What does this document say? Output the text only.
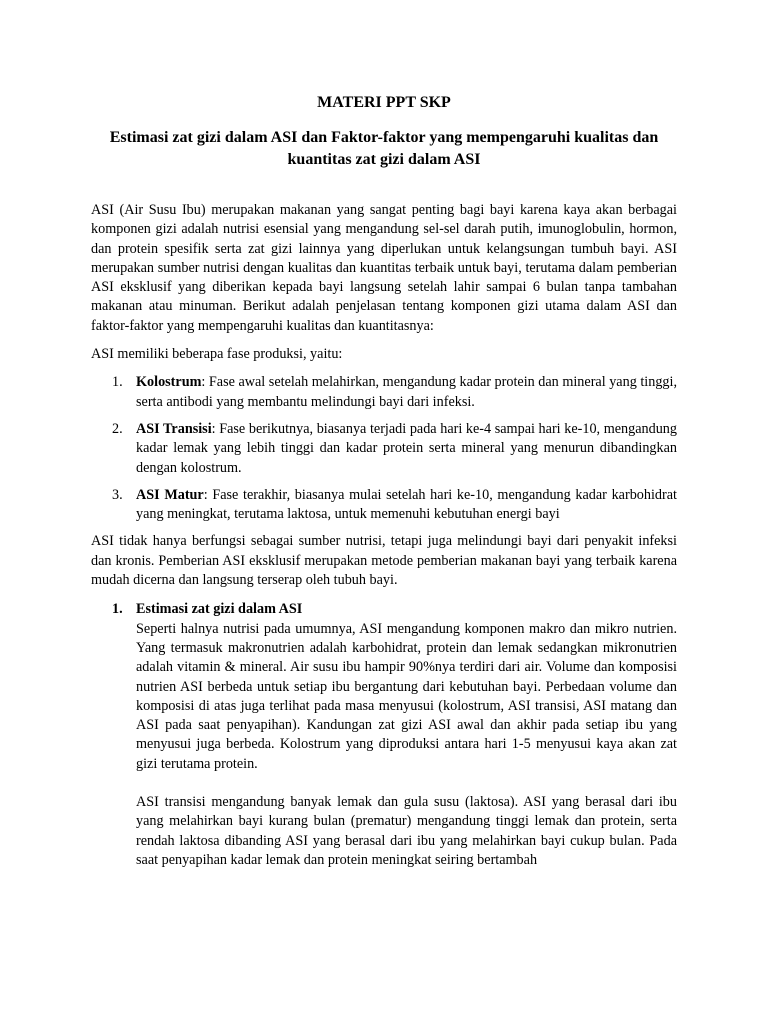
MATERI PPT SKP
Estimasi zat gizi dalam ASI dan Faktor-faktor yang mempengaruhi kualitas dan kuantitas zat gizi dalam ASI

ASI (Air Susu Ibu) merupakan makanan yang sangat penting bagi bayi karena kaya akan berbagai komponen gizi adalah nutrisi esensial yang mengandung sel-sel darah putih, imunoglobulin, hormon, dan protein spesifik serta zat gizi lainnya yang diperlukan untuk kelangsungan tumbuh bayi. ASI merupakan sumber nutrisi dengan kualitas dan kuantitas terbaik untuk bayi, terutama dalam pemberian ASI eksklusif yang diberikan kepada bayi langsung setelah lahir sampai 6 bulan tanpa tambahan makanan atau minuman. Berikut adalah penjelasan tentang komponen gizi utama dalam ASI dan faktor-faktor yang mempengaruhi kualitas dan kuantitasnya:

ASI memiliki beberapa fase produksi, yaitu:

1. Kolostrum: Fase awal setelah melahirkan, mengandung kadar protein dan mineral yang tinggi, serta antibodi yang membantu melindungi bayi dari infeksi.
2. ASI Transisi: Fase berikutnya, biasanya terjadi pada hari ke-4 sampai hari ke-10, mengandung kadar lemak yang lebih tinggi dan kadar protein serta mineral yang menurun dibandingkan dengan kolostrum.
3. ASI Matur: Fase terakhir, biasanya mulai setelah hari ke-10, mengandung kadar karbohidrat yang meningkat, terutama laktosa, untuk memenuhi kebutuhan energi bayi

ASI tidak hanya berfungsi sebagai sumber nutrisi, tetapi juga melindungi bayi dari penyakit infeksi dan kronis. Pemberian ASI eksklusif merupakan metode pemberian makanan bayi yang terbaik karena mudah dicerna dan langsung terserap oleh tubuh bayi.

1. Estimasi zat gizi dalam ASI

Seperti halnya nutrisi pada umumnya, ASI mengandung komponen makro dan mikro nutrien. Yang termasuk makronutrien adalah karbohidrat, protein dan lemak sedangkan mikronutrien adalah vitamin & mineral. Air susu ibu hampir 90%nya terdiri dari air. Volume dan komposisi nutrien ASI berbeda untuk setiap ibu bergantung dari kebutuhan bayi. Perbedaan volume dan komposisi di atas juga terlihat pada masa menyusui (kolostrum, ASI transisi, ASI matang dan ASI pada saat penyapihan). Kandungan zat gizi ASI awal dan akhir pada setiap ibu yang menyusui juga berbeda. Kolostrum yang diproduksi antara hari 1-5 menyusui kaya akan zat gizi terutama protein.

ASI transisi mengandung banyak lemak dan gula susu (laktosa). ASI yang berasal dari ibu yang melahirkan bayi kurang bulan (prematur) mengandung tinggi lemak dan protein, serta rendah laktosa dibanding ASI yang berasal dari ibu yang melahirkan bayi cukup bulan. Pada saat penyapihan kadar lemak dan protein meningkat seiring bertambah
